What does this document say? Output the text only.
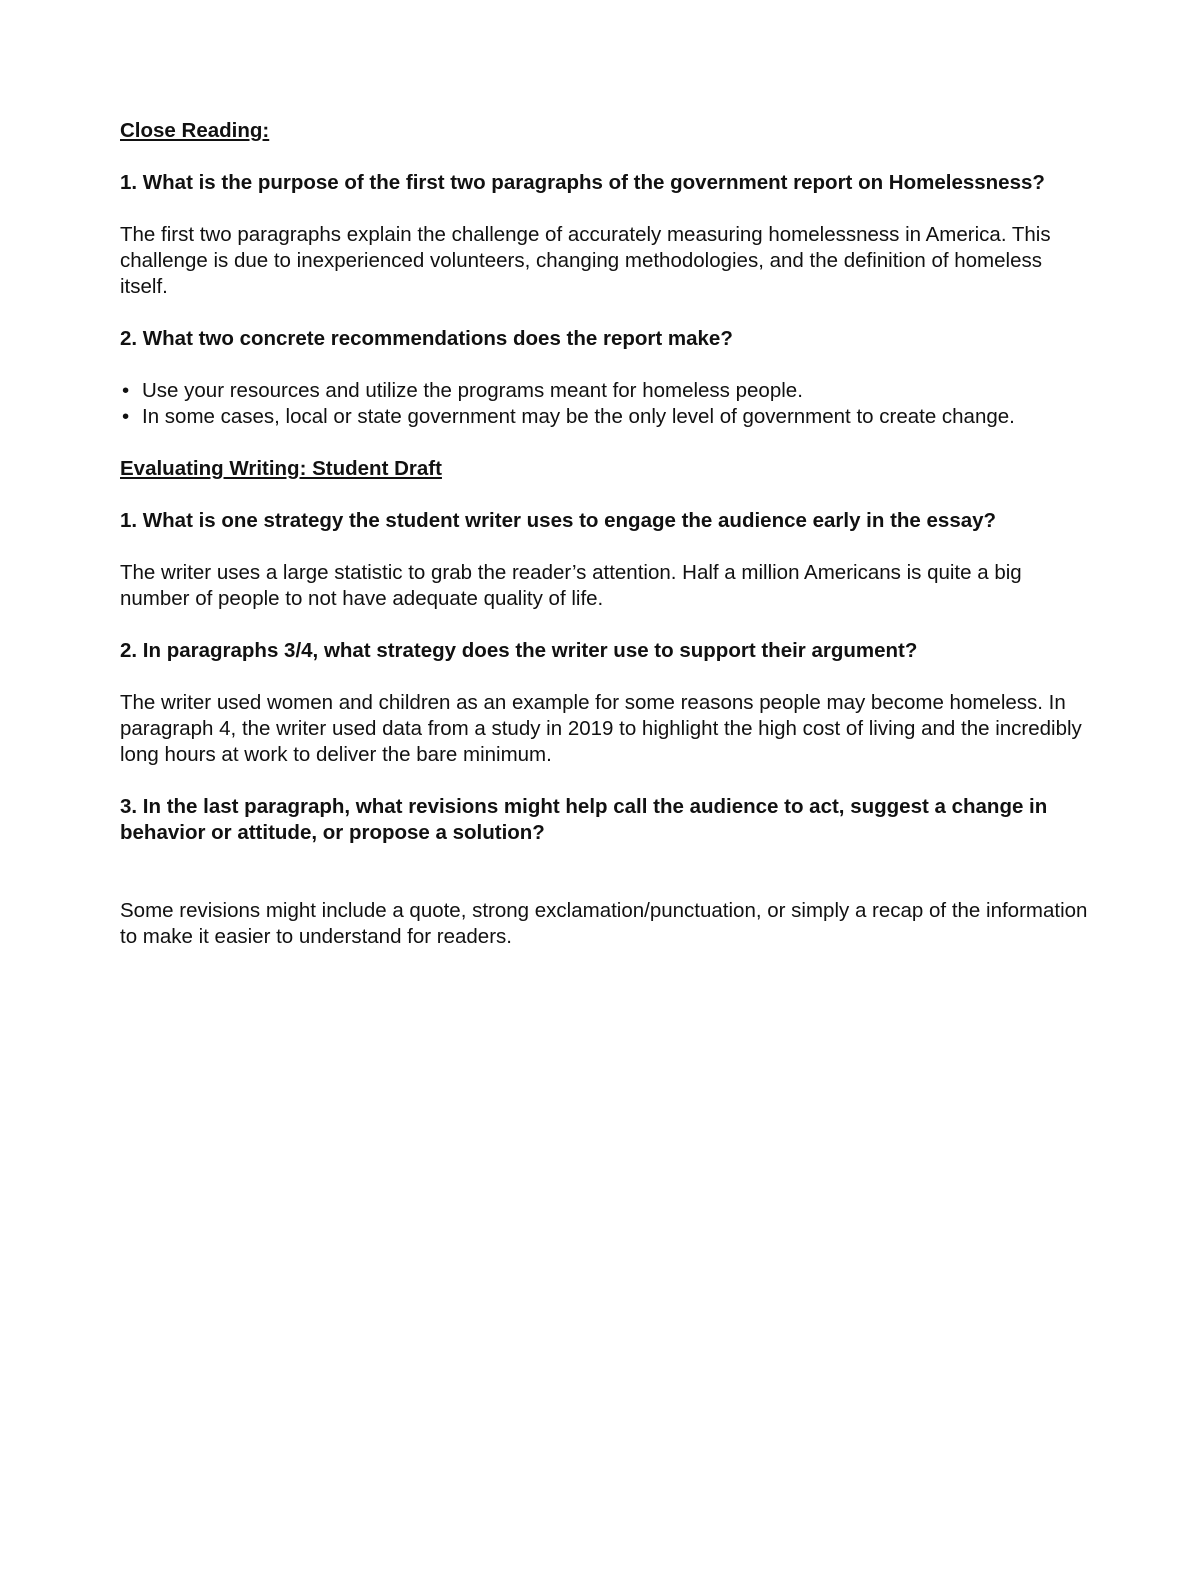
Close Reading:
1. What is the purpose of the first two paragraphs of the government report on Homelessness?
The first two paragraphs explain the challenge of accurately measuring homelessness in America. This challenge is due to inexperienced volunteers, changing methodologies, and the definition of homeless itself.
2. What two concrete recommendations does the report make?
• Use your resources and utilize the programs meant for homeless people.
• In some cases, local or state government may be the only level of government to create change.
Evaluating Writing: Student Draft
1. What is one strategy the student writer uses to engage the audience early in the essay?
The writer uses a large statistic to grab the reader’s attention. Half a million Americans is quite a big number of people to not have adequate quality of life.
2. In paragraphs 3/4, what strategy does the writer use to support their argument?
The writer used women and children as an example for some reasons people may become homeless. In paragraph 4, the writer used data from a study in 2019 to highlight the high cost of living and the incredibly long hours at work to deliver the bare minimum.
3. In the last paragraph, what revisions might help call the audience to act, suggest a change in behavior or attitude, or propose a solution?
Some revisions might include a quote, strong exclamation/punctuation, or simply a recap of the information to make it easier to understand for readers.
